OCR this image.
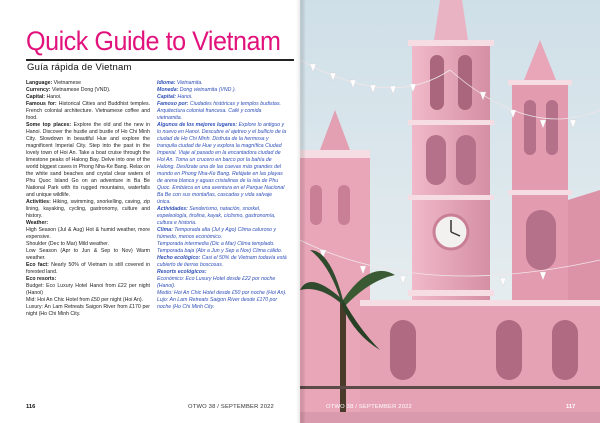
Quick Guide to Vietnam
Guía rápida de Vietnam

Language: Vietnamese

Currency: Vietnamese Dong (VND).

Capital: Hanoi.

Famous for: Historical Cities and Buddhist temples. French colonial architecture. Vietnamese coffee and food.

Some top places: Explore the old and the new in Hanoi. Discover the hustle and bustle of Ho Chi Minh City. Slowdown in beautiful Hue and explore the magnificent Imperial City. Step into the past in the lovely town of Hoi An. Take a boat cruise through the limestone peaks of Halong Bay. Delve into one of the world biggest caves in Phong Nha-Ke Bang. Relax on the white sand beaches and crystal clear waters of Phu Quoc Island Go on an adventure in Ba Be National Park with its rugged mountains, waterfalls and unique wildlife.

Activities: Hiking, swimming, snorkelling, caving, zip lining, kayaking, cycling, gastronomy, culture and history.

Weather:

High Season (Jul & Aug) Hot & humid weather, more expensive.

Shoulder (Dec to Mar) Mild weather.

Low Season (Apr to Jun & Sep to Nov) Warm weather.

Eco fact: Nearly 50% of Vietnam is still covered in forested land.

Eco resorts:

Budget: Eco Luxury Hotel Hanoi from £22 per night (Hanoi)

Mid: Hoi An Chic Hotel from £50 per night (Hoi An).

Luxury: An Lam Retreats Saigon River from £170 per night (Ho Chi Minh City.

Idioma: Vietnamita.

Moneda: Dong vietnamita (VND ).

Capital: Hanoi.

Famoso por: Ciudades históricas y templos budistas. Arquitectura colonial francesa. Café y comida vietnamita.

Algunos de los mejores lugares: Explore lo antiguo y lo nuevo en Hanoi. Descubre el ajetreo y el bullicio de la ciudad de Ho Chi Minh. Disfruta de la hermosa y tranquila ciudad de Hue y explora la magnífica Ciudad Imperial. Viaje al pasado en la encantadora ciudad de Hoi An. Toma un crucero en barco por la bahía de Halong. Deslízate una de las cuevas más grandes del mundo en Phong Nha-Ke Bang. Relájate en las playas de arena blanca y aguas cristalinas de la isla de Phu Quoc. Embárca en una aventura en el Parque Nacional Ba Be con sus montañas, cascadas y vida salvaje única.

Actividades: Senderismo, natación, snorkel, espeleología, tirolina, kayak, ciclismo, gastronomía, cultura e historia.

Clima: Temporada alta (Jul y Ago) Clima caluroso y húmedo, menos económico.

Temporada intermedia (Dic a Mar) Clima templado.

Temporada baja (Abr a Jun y Sep a Nov) Clima cálido.

Hecho ecológico: Casi el 50% de Vietnam todavía está cubierto de tierras boscosas.

Resorts ecológicos:

Económico: Eco Luxury Hotel desde £22 por noche (Hanoi).

Medio: Hoi An Chic Hotel desde £50 por noche (Hoi An).

Lujo: An Lam Retreats Saigon River desde £170 por noche (Ho Chi Minh City.

116	OTWO 38 / SEPTEMBER 2022	OTWO 38 / SEPTEMBER 2022	117
